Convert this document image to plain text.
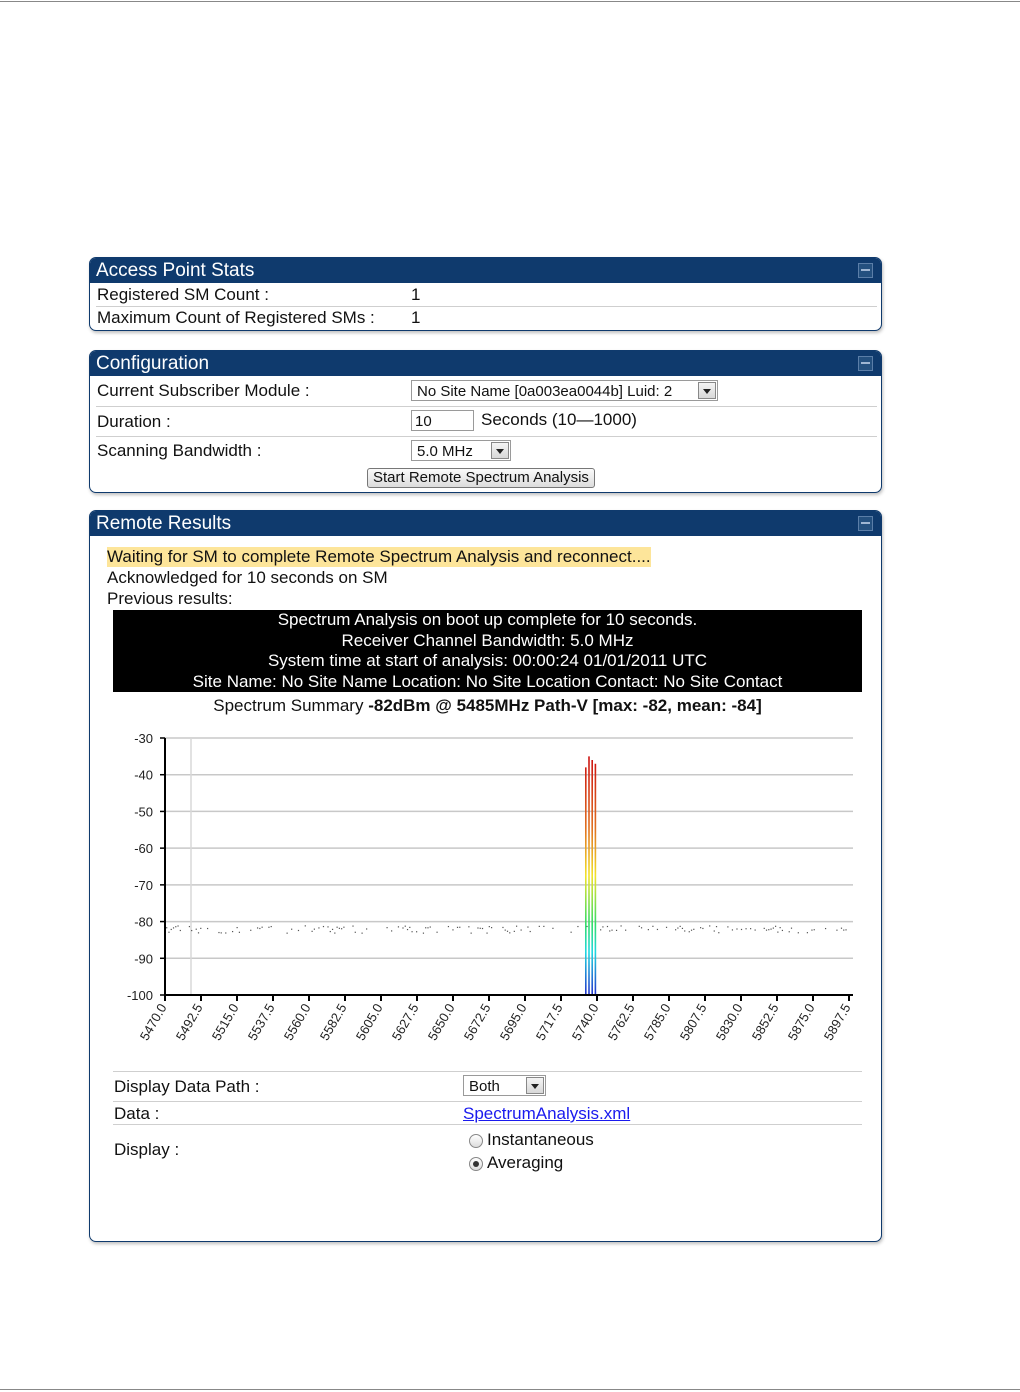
Access Point Stats
Registered SM Count :	1
Maximum Count of Registered SMs : 1
Configuration
Current Subscriber Module :	No Site Name [0a003ea0044b] Luid: 2
Duration :	10	Seconds (10—1000)
Scanning Bandwidth :	5.0 MHz
Start Remote Spectrum Analysis
Remote Results
Waiting for SM to complete Remote Spectrum Analysis and reconnect....
Acknowledged for 10 seconds on SM
Previous results:
Spectrum Analysis on boot up complete for 10 seconds.
Receiver Channel Bandwidth: 5.0 MHz
System time at start of analysis: 00:00:24 01/01/2011 UTC
Site Name: No Site Name Location: No Site Location Contact: No Site Contact
Spectrum Summary -82dBm @ 5485MHz Path-V [max: -82, mean: -84]
-30
-40
-50
-60
-70
-80
-90
-100
5470.0 5492.5 5515.0 5537.5 5560.0 5582.5 5605.0 5627.5 5650.0 5672.5 5695.0 5717.5 5740.0 5762.5 5785.0 5807.5 5830.0 5852.5 5875.0 5897.5
Display Data Path :	Both
Data :	SpectrumAnalysis.xml
Display :
Instantaneous
Averaging
